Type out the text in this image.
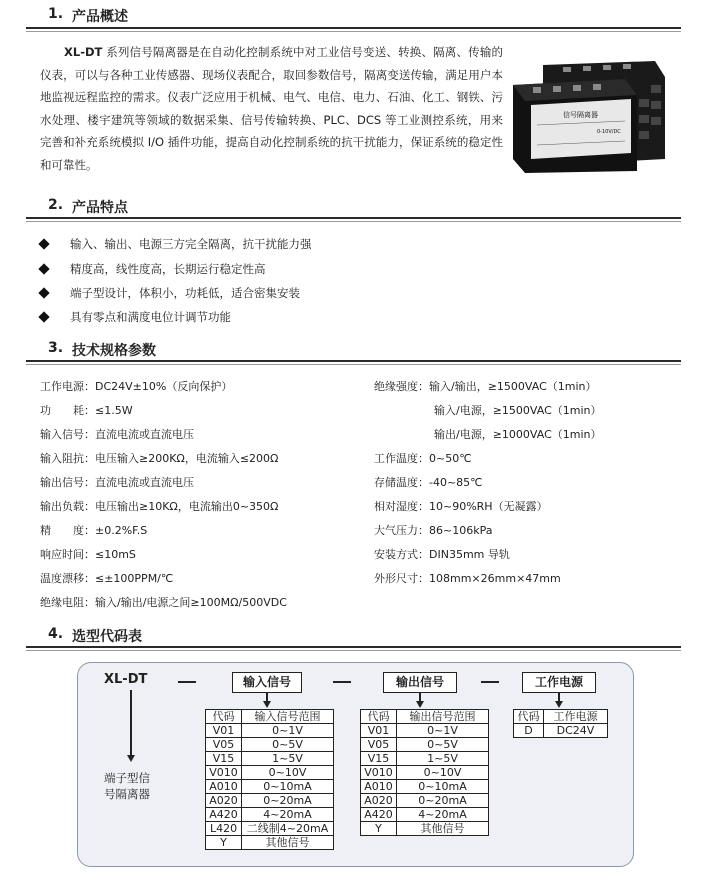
1. 产品概述
XL-DT 系列信号隔离器是在自动化控制系统中对工业信号变送、转换、隔离、传输的仪表，可以与各种工业传感器、现场仪表配合，取回参数信号，隔离变送传输，满足用户本地监视远程监控的需求。仪表广泛应用于机械、电气、电信、电力、石油、化工、钢铁、污水处理、楼宇建筑等领域的数据采集、信号传输转换、PLC、DCS 等工业测控系统，用来完善和补充系统模拟 I/O 插件功能，提高自动化控制系统的抗干扰能力，保证系统的稳定性和可靠性。
信号隔离器
0-10V/DC
2. 产品特点
输入、输出、电源三方完全隔离，抗干扰能力强
精度高，线性度高，长期运行稳定性高
端子型设计，体积小，功耗低，适合密集安装
具有零点和满度电位计调节功能
3. 技术规格参数
工作电源：DC24V±10%（反向保护）
功　　耗：≤1.5W
输入信号：直流电流或直流电压
输入阻抗：电压输入≥200KΩ，电流输入≤200Ω
输出信号：直流电流或直流电压
输出负载：电压输出≥10KΩ，电流输出0~350Ω
精　　度：±0.2%F.S
响应时间：≤10mS
温度漂移：≤±100PPM/℃
绝缘电阻：输入/输出/电源之间≥100MΩ/500VDC
绝缘强度：输入/输出，≥1500VAC（1min）
输入/电源，≥1500VAC（1min）
输出/电源，≥1000VAC（1min）
工作温度：0~50℃
存储温度：-40~85℃
相对湿度：10~90%RH（无凝露）
大气压力：86~106kPa
安装方式：DIN35mm 导轨
外形尺寸：108mm×26mm×47mm
4. 选型代码表
XL-DT	输入信号	输出信号	工作电源
端子型信
号隔离器
代码	输入信号范围
V01	0~1V
V05	0~5V
V15	1~5V
V010	0~10V
A010	0~10mA
A020	0~20mA
A420	4~20mA
L420	二线制4~20mA
Y	其他信号
代码	输出信号范围
V01	0~1V
V05	0~5V
V15	1~5V
V010	0~10V
A010	0~10mA
A020	0~20mA
A420	4~20mA
Y	其他信号
代码	工作电源
D	DC24V
